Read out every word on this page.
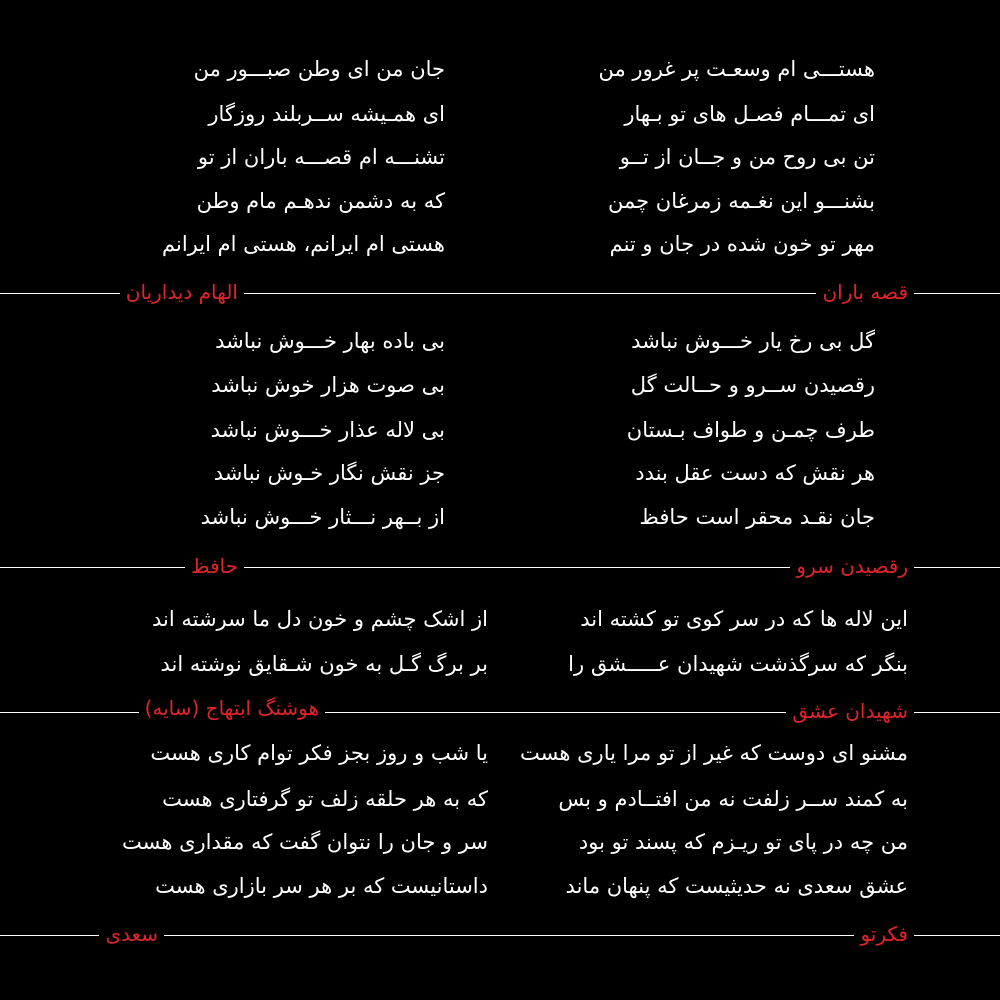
هستـــی ام وسعـت پر غرور من
ای تمـــام فصـل های تو بـهار
تن بی روح من و جــان از تــو
بشنـــو این نغـمه زمرغان چمن
مهر تو خون شده در جان و تنم
جان من ای وطن صبـــور من
ای همـیشه ســربلند روزگار
تشنـــه ام قصـــه باران از تو
که به دشمن ندهـم مام وطن
هستی ام ایرانم، هستی ام ایرانم
قصه باران
الهام دیداریان
گل بی رخ یار خـــوش نباشد
رقصیدن ســرو و حــالت گل
طرف چمـن و طواف بـستان
هر نقش که دست عقل بندد
جان نقـد محقر است حافظ
بی باده بهار خـــوش نباشد
بی صوت هزار خوش نباشد
بی لاله عذار خـــوش نباشد
جز نقش نگار خـوش نباشد
از بــهر نـــثار خـــوش نباشد
رقصیدن سرو
حافظ
این لاله ها که در سر کوی تو کشته اند
بنگر که سرگذشت شهیدان عـــــشق را
از اشک چشم و خون دل ما سرشته اند
بر برگ گـل به خون شـقایق نوشته اند
شهیدان عشق
هوشنگ ابتهاج (سایه)
مشنو ای دوست که غیر از تو مرا یاری هست
به کمند ســر زلفت نه من افتــادم و بس
من چه در پای تو ریـزم که پسند تو بود
عشق سعدی نه حدیثیست که پنهان ماند
یا شب و روز بجز فکر توام کاری هست
که به هر حلقه زلف تو گرفتاری هست
سر و جان را نتوان گفت که مقداری هست
داستانیست که بر هر سر بازاری هست
فکرتو
سعدی
